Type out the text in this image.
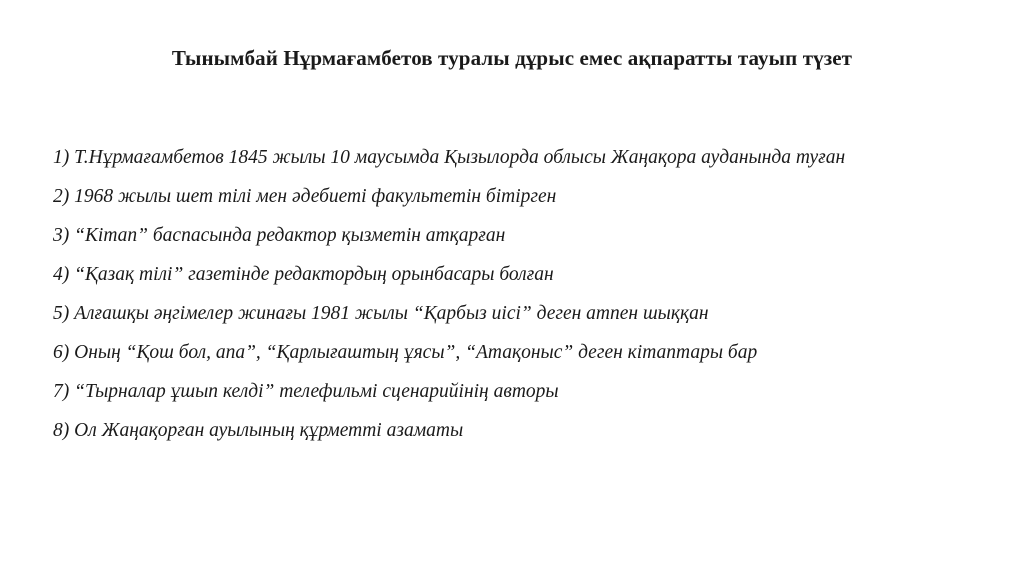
Тынымбай Нұрмағамбетов туралы дұрыс емес ақпаратты тауып түзет
1) Т.Нұрмағамбетов 1845 жылы 10 маусымда Қызылорда облысы Жаңақора ауданында туған
2) 1968 жылы шет тілі мен әдебиеті факультетін бітірген
3) “Кітап” баспасында редактор қызметін атқарған
4) “Қазақ тілі” газетінде редактордың орынбасары болған
5) Алғашқы әңгімелер жинағы 1981 жылы “Қарбыз иісі” деген атпен шыққан
6) Оның “Қош бол, апа”, “Қарлығаштың ұясы”, “Атақоныс” деген кітаптары бар
7) “Тырналар ұшып келді” телефильмі сценарийінің авторы
8) Ол Жаңақорған ауылының құрметті азаматы
